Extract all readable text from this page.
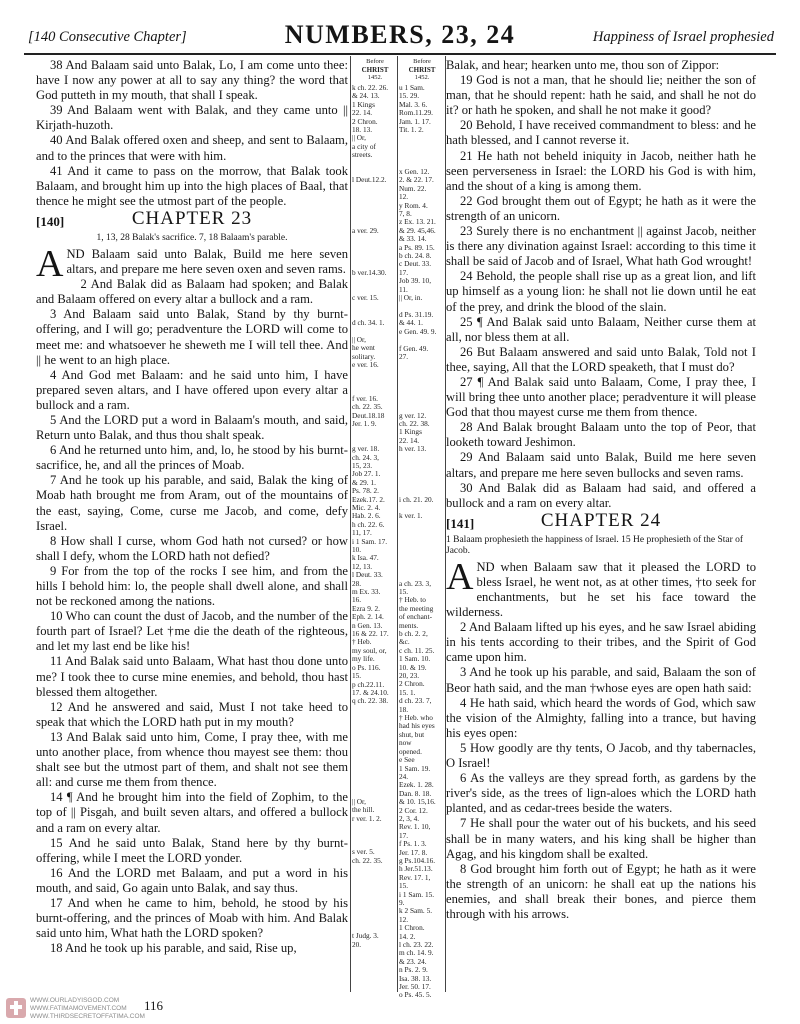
[140 Consecutive Chapter]	NUMBERS, 23, 24	Happiness of Israel prophesied

38 And Balaam said unto Balak, Lo, I am come unto thee: have I now any power at all to say any thing? the word that God putteth in my mouth, that shall I speak.

39 And Balaam went with Balak, and they came unto || Kirjath-huzoth.

40 And Balak offered oxen and sheep, and sent to Balaam, and to the princes that were with him.

41 And it came to pass on the morrow, that Balak took Balaam, and brought him up into the high places of Baal, that thence he might see the utmost part of the people.

[140]	CHAPTER 23
1, 13, 28 Balak's sacrifice. 7, 18 Balaam's parable.

AND Balaam said unto Balak, Build me here seven altars, and prepare me here seven oxen and seven rams.

2 And Balak did as Balaam had spoken; and Balak and Balaam offered on every altar a bullock and a ram.

3 And Balaam said unto Balak, Stand by thy burnt-offering, and I will go; peradventure the LORD will come to meet me: and whatsoever he sheweth me I will tell thee. And || he went to an high place.

4 And God met Balaam: and he said unto him, I have prepared seven altars, and I have offered upon every altar a bullock and a ram.

5 And the LORD put a word in Balaam's mouth, and said, Return unto Balak, and thus thou shalt speak.

6 And he returned unto him, and, lo, he stood by his burnt-sacrifice, he, and all the princes of Moab.

7 And he took up his parable, and said, Balak the king of Moab hath brought me from Aram, out of the mountains of the east, saying, Come, curse me Jacob, and come, defy Israel.

8 How shall I curse, whom God hath not cursed? or how shall I defy, whom the LORD hath not defied?

9 For from the top of the rocks I see him, and from the hills I behold him: lo, the people shall dwell alone, and shall not be reckoned among the nations.

10 Who can count the dust of Jacob, and the number of the fourth part of Israel? Let †me die the death of the righteous, and let my last end be like his!

11 And Balak said unto Balaam, What hast thou done unto me? I took thee to curse mine enemies, and behold, thou hast blessed them altogether.

12 And he answered and said, Must I not take heed to speak that which the LORD hath put in my mouth?

13 And Balak said unto him, Come, I pray thee, with me unto another place, from whence thou mayest see them: thou shalt see but the utmost part of them, and shalt not see them all: and curse me them from thence.

14 ¶ And he brought him into the field of Zophim, to the top of || Pisgah, and built seven altars, and offered a bullock and a ram on every altar.

15 And he said unto Balak, Stand here by thy burnt-offering, while I meet the LORD yonder.

16 And the LORD met Balaam, and put a word in his mouth, and said, Go again unto Balak, and say thus.

17 And when he came to him, behold, he stood by his burnt-offering, and the princes of Moab with him. And Balak said unto him, What hath the LORD spoken?

18 And he took up his parable, and said, Rise up,

Before
CHRIST
1452.
k ch. 22. 26.
& 24. 13.
1 Kings
22. 14.
2 Chron.
18. 13.
|| Or,
a city of
streets.
l Deut.12.2.
a ver. 29.
b ver.14.30.
c ver. 15.
d ch. 34. 1.
|| Or,
he went
solitary.
e ver. 16.
f ver. 16.
ch. 22. 35.
Deut.18.18
Jer. 1. 9.
g ver. 18.
ch. 24. 3,
15, 23.
Job 27. 1.
& 29. 1.
Ps. 78. 2.
Ezek.17. 2.
Mic. 2. 4.
Hab. 2. 6.
h ch. 22. 6.
11, 17.
i 1 Sam. 17.
10.
k Isa. 47.
12, 13.
l Deut. 33.
28.
m Ex. 33.
16.
Ezra 9. 2.
Eph. 2. 14.
n Gen. 13.
16 & 22. 17.
† Heb.
my soul, or,
my life.
o Ps. 116.
15.
p ch.22.11.
17. & 24.10.
q ch. 22. 38.
|| Or,
the hill.
r ver. 1. 2.
s ver. 5.
ch. 22. 35.
t Judg. 3.
20.
Before
CHRIST
1452.
u 1 Sam.
15. 29.
Mal. 3. 6.
Rom.11.29.
Jam. 1. 17.
Tit. 1. 2.
x Gen. 12.
2. & 22. 17.
Num. 22.
12.
y Rom. 4.
7, 8.
z Ex. 13. 21.
& 29. 45,46.
& 33. 14.
a Ps. 89. 15.
b ch. 24. 8.
c Deut. 33.
17.
Job 39. 10,
11.
|| Or, in.
d Ps. 31.19.
& 44. 1.
e Gen. 49. 9.
f Gen. 49.
27.
g ver. 12.
ch. 22. 38.
1 Kings
22. 14.
h ver. 13.
i ch. 21. 20.
k ver. 1.
a ch. 23. 3,
15.
† Heb. to
the meeting
of enchant-
ments.
b ch. 2. 2,
&c.
c ch. 11. 25.
1 Sam. 10.
10. & 19.
20, 23.
2 Chron.
15. 1.
d ch. 23. 7,
18.
† Heb. who
had his eyes
shut, but
now
opened.
e See
1 Sam. 19.
24.
Ezek. 1. 28.
Dan. 8. 18.
& 10. 15,16.
2 Cor. 12.
2, 3, 4.
Rev. 1. 10,
17.
f Ps. 1. 3.
Jer. 17. 8.
g Ps.104.16.
h Jer.51.13.
Rev. 17. 1,
15.
i 1 Sam. 15.
9.
k 2 Sam. 5.
12.
1 Chron.
14. 2.
l ch. 23. 22.
m ch. 14. 9.
& 23. 24.
n Ps. 2. 9.
Isa. 38. 13.
Jer. 50. 17.
o Ps. 45. 5.

Balak, and hear; hearken unto me, thou son of Zippor:

19 God is not a man, that he should lie; neither the son of man, that he should repent: hath he said, and shall he not do it? or hath he spoken, and shall he not make it good?

20 Behold, I have received commandment to bless: and he hath blessed, and I cannot reverse it.

21 He hath not beheld iniquity in Jacob, neither hath he seen perverseness in Israel: the LORD his God is with him, and the shout of a king is among them.

22 God brought them out of Egypt; he hath as it were the strength of an unicorn.

23 Surely there is no enchantment || against Jacob, neither is there any divination against Israel: according to this time it shall be said of Jacob and of Israel, What hath God wrought!

24 Behold, the people shall rise up as a great lion, and lift up himself as a young lion: he shall not lie down until he eat of the prey, and drink the blood of the slain.

25 ¶ And Balak said unto Balaam, Neither curse them at all, nor bless them at all.

26 But Balaam answered and said unto Balak, Told not I thee, saying, All that the LORD speaketh, that I must do?

27 ¶ And Balak said unto Balaam, Come, I pray thee, I will bring thee unto another place; peradventure it will please God that thou mayest curse me them from thence.

28 And Balak brought Balaam unto the top of Peor, that looketh toward Jeshimon.

29 And Balaam said unto Balak, Build me here seven altars, and prepare me here seven bullocks and seven rams.

30 And Balak did as Balaam had said, and offered a bullock and a ram on every altar.

[141]	CHAPTER 24
1 Balaam prophesieth the happiness of Israel. 15 He prophesieth of the Star of Jacob.

AND when Balaam saw that it pleased the LORD to bless Israel, he went not, as at other times, †to seek for enchantments, but he set his face toward the wilderness.

2 And Balaam lifted up his eyes, and he saw Israel abiding in his tents according to their tribes, and the Spirit of God came upon him.

3 And he took up his parable, and said, Balaam the son of Beor hath said, and the man †whose eyes are open hath said:

4 He hath said, which heard the words of God, which saw the vision of the Almighty, falling into a trance, but having his eyes open:

5 How goodly are thy tents, O Jacob, and thy tabernacles, O Israel!

6 As the valleys are they spread forth, as gardens by the river's side, as the trees of lign-aloes which the LORD hath planted, and as cedar-trees beside the waters.

7 He shall pour the water out of his buckets, and his seed shall be in many waters, and his king shall be higher than Agag, and his kingdom shall be exalted.

8 God brought him forth out of Egypt; he hath as it were the strength of an unicorn: he shall eat up the nations his enemies, and shall break their bones, and pierce them through with his arrows.

WWW.OURLADYISGOD.COM
WWW.FATIMAMOVEMENT.COM
WWW.THIRDSECRETOFFATIMA.COM
116
